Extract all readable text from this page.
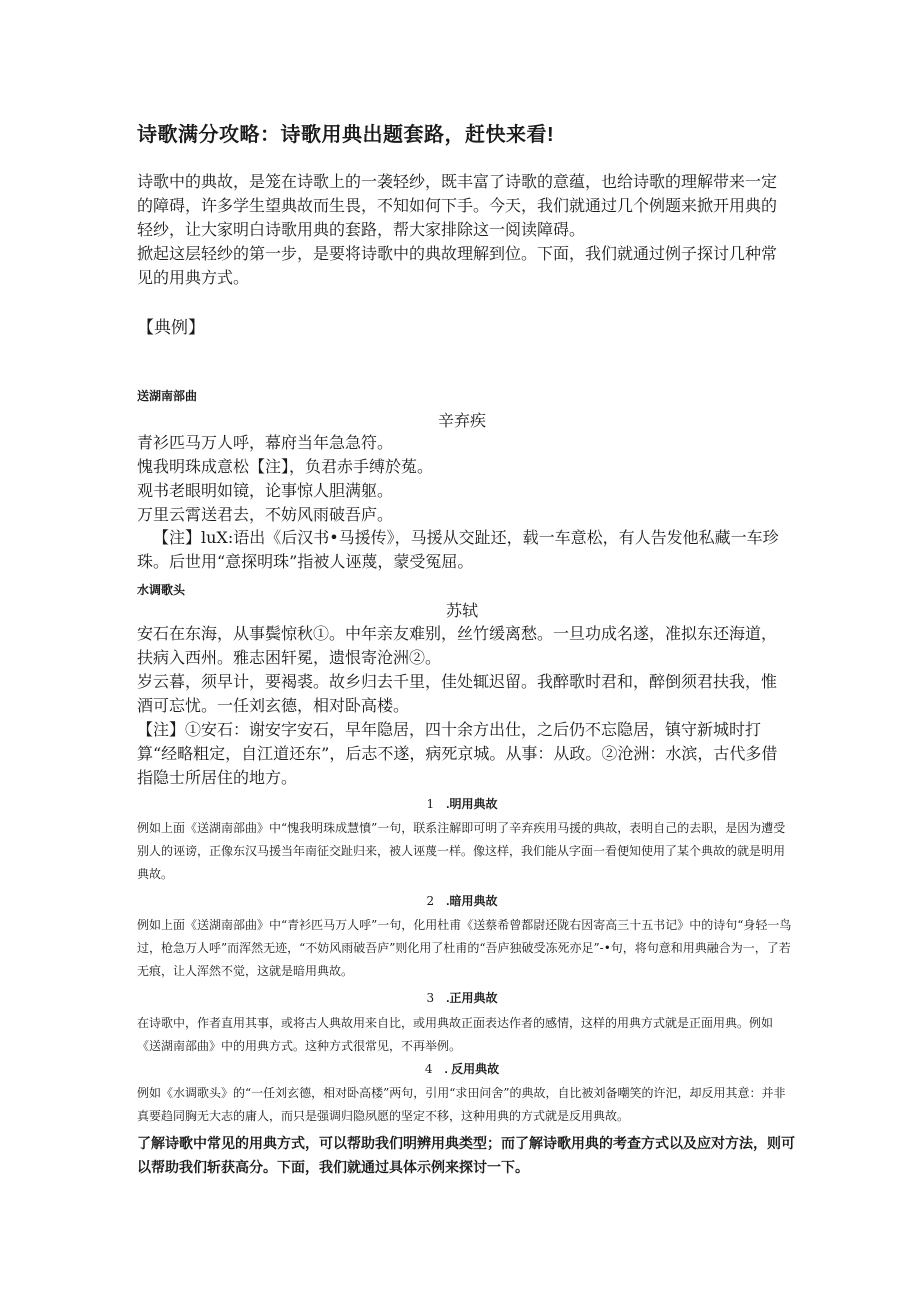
诗歌满分攻略：诗歌用典出题套路，赶快来看!

诗歌中的典故，是笼在诗歌上的一袭轻纱，既丰富了诗歌的意蕴，也给诗歌的理解带来一定的障碍，许多学生望典故而生畏，不知如何下手。今天，我们就通过几个例题来掀开用典的轻纱，让大家明白诗歌用典的套路，帮大家排除这一阅读障碍。

掀起这层轻纱的第一步，是要将诗歌中的典故理解到位。下面，我们就通过例子探讨几种常见的用典方式。

【典例】
送湖南部曲
辛弃疾

青衫匹马万人呼，幕府当年急急符。

愧我明珠成意松【注】，负君赤手缚於菟。

观书老眼明如镜，论事惊人胆满躯。

万里云霄送君去，不妨风雨破吾庐。

【注】luX:语出《后汉书•马援传》，马援从交趾还，载一车意松，有人告发他私藏一车珍珠。后世用“意探明珠”指被人诬蔑，蒙受冤屈。
水调歌头
苏轼

安石在东海，从事鬓惊秋①。中年亲友难别，丝竹缓离愁。一旦功成名遂，准拟东还海道，扶病入西州。雅志困轩冕，遗恨寄沧洲②。

岁云暮，须早计，要褐裘。故乡归去千里，佳处辄迟留。我醉歌时君和，醉倒须君扶我，惟酒可忘忧。一任刘玄德，相对卧高楼。

【注】①安石：谢安字安石，早年隐居，四十余方出仕，之后仍不忘隐居，镇守新城时打算“经略粗定，自江道还东”，后志不遂，病死京城。从事：从政。②沧洲：水滨，古代多借指隐士所居住的地方。

1 .明用典故

例如上面《送湖南部曲》中“愧我明珠成慧憤”一句，联系注解即可明了辛弃疾用马援的典故，表明自己的去职，是因为遭受别人的诬谤，正像东汉马援当年南征交趾归来，被人诬蔑一样。像这样，我们能从字面一看便知使用了某个典故的就是明用典故。

2 .暗用典故

例如上面《送湖南部曲》中“青衫匹马万人呼”一句，化用杜甫《送蔡希曾都尉还陇右因寄高三十五书记》中的诗句“身轻一鸟过，枪急万人呼”而浑然无迹，“不妨风雨破吾庐”则化用了杜甫的“吾庐独破受冻死亦足”-•句，将句意和用典融合为一，了若无痕，让人浑然不觉，这就是暗用典故。

3 .正用典故

在诗歌中，作者直用其事，或将古人典故用来自比，或用典故正面表达作者的感情，这样的用典方式就是正面用典。例如《送湖南部曲》中的用典方式。这种方式很常见，不再举例。

4 . 反用典故

例如《水调歌头》的“一任刘玄德，相对卧高楼”两句，引用“求田问舍”的典故，自比被刘备嘲笑的许汜，却反用其意：并非真要趋同胸无大志的庸人，而只是强调归隐夙愿的坚定不移，这种用典的方式就是反用典故。

了解诗歌中常见的用典方式，可以帮助我们明辨用典类型；而了解诗歌用典的考查方式以及应对方法，则可以帮助我们斩获高分。下面，我们就通过具体示例来探讨一下。
